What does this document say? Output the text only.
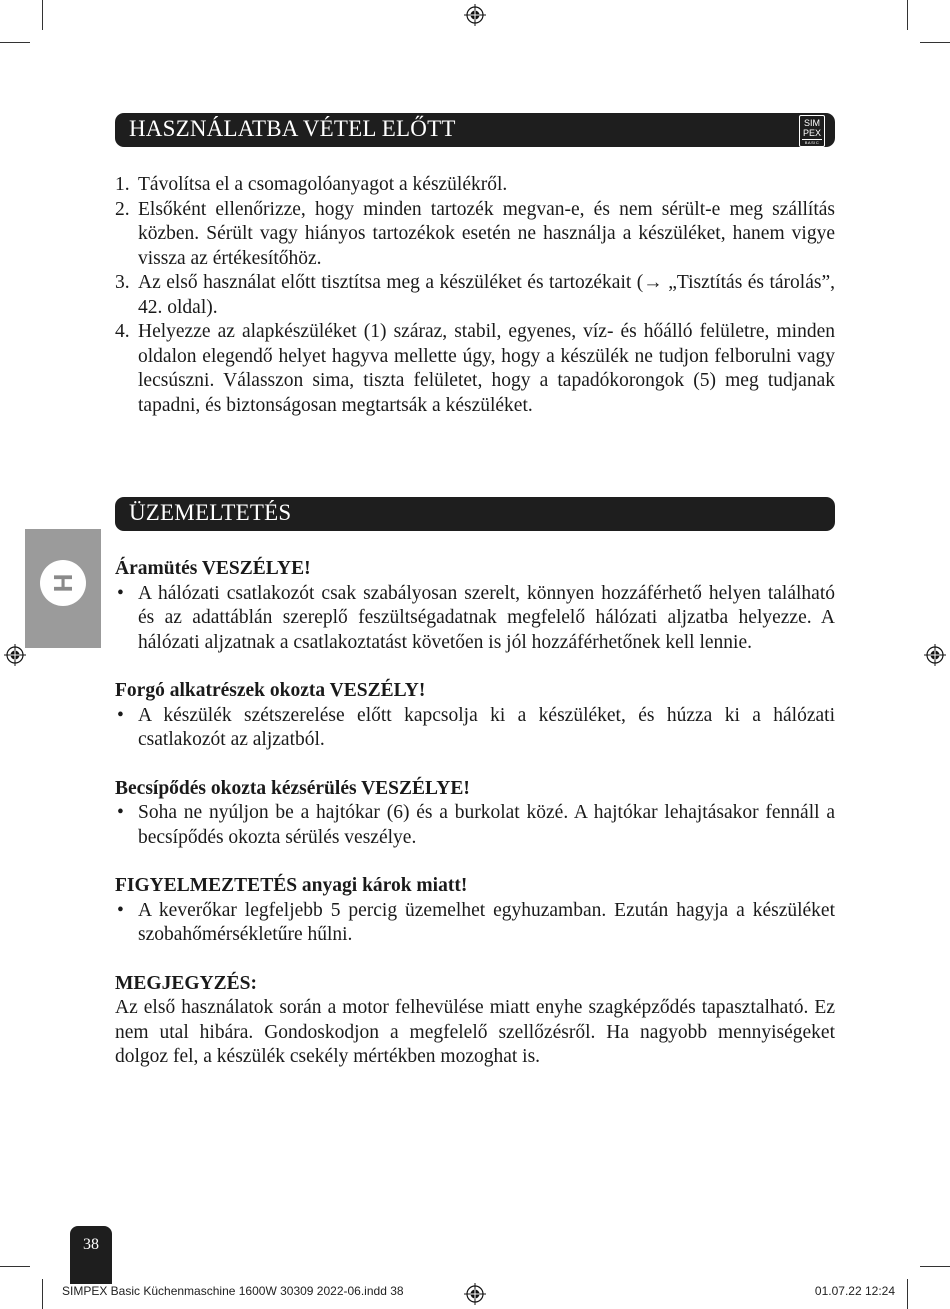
HASZNÁLATBA VÉTEL ELŐTT	SIM
PEX
BASIC
1. Távolítsa el a csomagolóanyagot a készülékről.
2. Elsőként ellenőrizze, hogy minden tartozék megvan-e, és nem sérült-e meg szállítás közben. Sérült vagy hiányos tartozékok esetén ne használja a készüléket, hanem vigye vissza az értékesítőhöz.
3. Az első használat előtt tisztítsa meg a készüléket és tartozékait (→ „Tisztítás és tárolás”, 42. oldal).
4. Helyezze az alapkészüléket (1) száraz, stabil, egyenes, víz- és hőálló felületre, minden oldalon elegendő helyet hagyva mellette úgy, hogy a készülék ne tudjon felborulni vagy lecsúszni. Válasszon sima, tiszta felületet, hogy a tapadókorongok (5) meg tudjanak tapadni, és biztonságosan megtartsák a készüléket.
ÜZEMELTETÉS
H
Áramütés VESZÉLYE!
• A hálózati csatlakozót csak szabályosan szerelt, könnyen hozzáférhető helyen található és az adattáblán szereplő feszültségadatnak megfelelő hálózati aljzatba helyezze. A hálózati aljzatnak a csatlakoztatást követően is jól hozzáférhetőnek kell lennie.
Forgó alkatrészek okozta VESZÉLY!
• A készülék szétszerelése előtt kapcsolja ki a készüléket, és húzza ki a hálózati csatlakozót az aljzatból.
Becsípődés okozta kézsérülés VESZÉLYE!
• Soha ne nyúljon be a hajtókar (6) és a burkolat közé. A hajtókar lehajtásakor fennáll a becsípődés okozta sérülés veszélye.
FIGYELMEZTETÉS anyagi károk miatt!
• A keverőkar legfeljebb 5 percig üzemelhet egyhuzamban. Ezután hagyja a készüléket szobahőmérsékletűre hűlni.
MEGJEGYZÉS:
Az első használatok során a motor felhevülése miatt enyhe szagképződés tapasztalható. Ez nem utal hibára. Gondoskodjon a megfelelő szellőzésről. Ha nagyobb mennyiségeket dolgoz fel, a készülék csekély mértékben mozoghat is.
38
SIMPEX Basic Küchenmaschine 1600W 30309 2022-06.indd 38	01.07.22 12:24
